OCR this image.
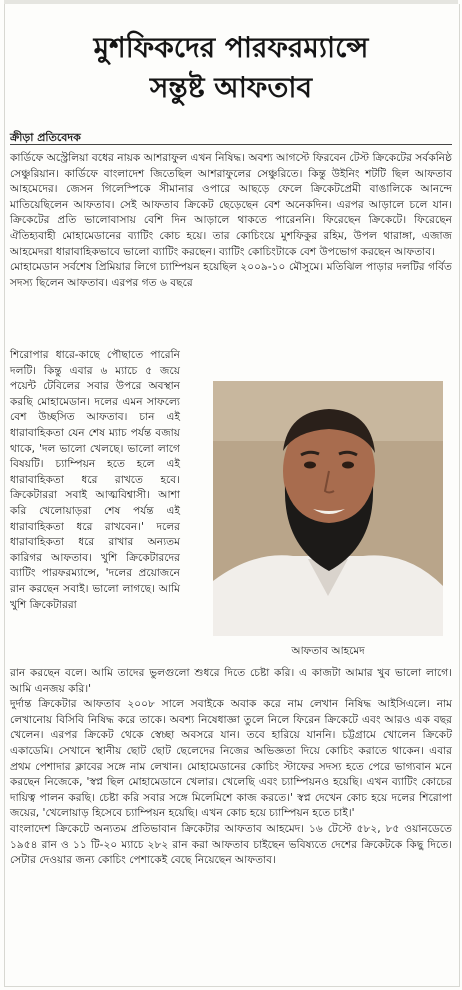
মুশফিকদের পারফরম্যান্সে
সন্তুষ্ট আফতাব
ক্রীড়া প্রতিবেদক

কার্ডিফে অস্ট্রেলিয়া বধের নায়ক আশরাফুল এখন নিষিদ্ধ। অবশ্য আগস্টে ফিরবেন টেস্ট ক্রিকেটের সর্বকনিষ্ঠ সেঞ্চুরিয়ান। কার্ডিফে বাংলাদেশ জিতেছিল আশরাফুলের সেঞ্চুরিতে। কিন্তু উইনিং শটটি ছিল আফতাব আহমেদের। জেসন গিলেস্পিকে সীমানার ওপারে আছড়ে ফেলে ক্রিকেটপ্রেমী বাঙালিকে আনন্দে মাতিয়েছিলেন আফতাব। সেই আফতাব ক্রিকেট ছেড়েছেন বেশ অনেকদিন। এরপর আড়ালে চলে যান। ক্রিকেটের প্রতি ভালোবাসায় বেশি দিন আড়ালে থাকতে পারেননি। ফিরেছেন ক্রিকেটে। ফিরেছেন ঐতিহ্যবাহী মোহামেডানের ব্যাটিং কোচ হয়ে। তার কোচিংয়ে মুশফিকুর রহিম, উপল থারাঙ্গা, এজাজ আহমেদরা ধারাবাহিকভাবে ভালো ব্যাটিং করছেন। ব্যাটিং কোচিংটাকে বেশ উপভোগ করছেন আফতাব।

মোহামেডান সর্বশেষ প্রিমিয়ার লিগে চ্যাম্পিয়ন হয়েছিল ২০০৯-১০ মৌসুমে। মতিঝিল পাড়ার দলটির গর্বিত সদস্য ছিলেন আফতাব। এরপর গত ৬ বছরে

শিরোপার ধারে-কাছে পৌছাতে পারেনি দলটি। কিন্তু এবার ৬ ম্যাচে ৫ জয়ে পয়েন্ট টেবিলের সবার উপরে অবস্থান করছি মোহামেডান। দলের এমন সাফল্যে বেশ উচ্ছসিত আফতাব। চান এই ধারাবাহিকতা যেন শেষ ম্যাচ পর্যন্ত বজায় থাকে, 'দল ভালো খেলছে। ভালো লাগে বিষয়টি। চ্যাম্পিয়ন হতে হলে এই ধারাবাহিকতা ধরে রাখতে হবে। ক্রিকেটাররা সবাই আত্মবিশ্বাসী। আশা করি খেলোয়াড়রা শেষ পর্যন্ত এই ধারাবাহিকতা ধরে রাখবেন।' দলের ধারাবাহিকতা ধরে রাখার অন্যতম কারিগর আফতাব। খুশি ক্রিকেটারদের ব্যাটিং পারফরম্যান্সে, 'দলের প্রয়োজনে রান করছেন সবাই। ভালো লাগছে। আমি খুশি ক্রিকেটাররা

আফতাব আহমেদ

রান করছেন বলে। আমি তাদের ভুলগুলো শুধরে দিতে চেষ্টা করি। এ কাজটা আমার খুব ভালো লাগে। আমি এনজয় করি।'

দুর্দান্ত ক্রিকেটার আফতাব ২০০৮ সালে সবাইকে অবাক করে নাম লেখান নিষিদ্ধ আইসিএলে। নাম লেখানোয় বিসিবি নিষিদ্ধ করে তাকে। অবশ্য নিষেধাজ্ঞা তুলে নিলে ফিরেন ক্রিকেটে এবং আরও এক বছর খেলেন। এরপর ক্রিকেট থেকে স্বেচ্ছা অবসরে যান। তবে হারিয়ে যাননি। চট্টগ্রামে খোলেন ক্রিকেট একাডেমি। সেখানে স্থানীয় ছোট ছোট ছেলেদের নিজের অভিজ্ঞতা দিয়ে কোচিং করাতে থাকেন। এবার প্রথম পেশাদার ক্লাবের সঙ্গে নাম লেখান। মোহামেডানের কোচিং স্টাফের সদস্য হতে পেরে ভাগ্যবান মনে করছেন নিজেকে, 'স্বপ্ন ছিল মোহামেডানে খেলার। খেলেছি এবং চ্যাম্পিয়নও হয়েছি। এখন ব্যাটিং কোচের দায়িত্ব পালন করছি। চেষ্টা করি সবার সঙ্গে মিলেমিশে কাজ করতে।' স্বপ্ন দেখেন কোচ হয়ে দলের শিরোপা জয়ের, 'খেলোয়াড় হিসেবে চ্যাম্পিয়ন হয়েছি। এখন কোচ হয়ে চ্যাম্পিয়ন হতে চাই।'

বাংলাদেশ ক্রিকেটে অন্যতম প্রতিভাবান ক্রিকেটার আফতাব আহমেদ। ১৬ টেস্টে ৫৮২, ৮৫ ওয়ানডেতে ১৯৫৪ রান ও ১১ টি-২০ ম্যাচে ২৮২ রান করা আফতাব চাইছেন ভবিষ্যতে দেশের ক্রিকেটকে কিছু দিতে। সেটার দেওয়ার জন্য কোচিং পেশাকেই বেছে নিয়েছেন আফতাব।
